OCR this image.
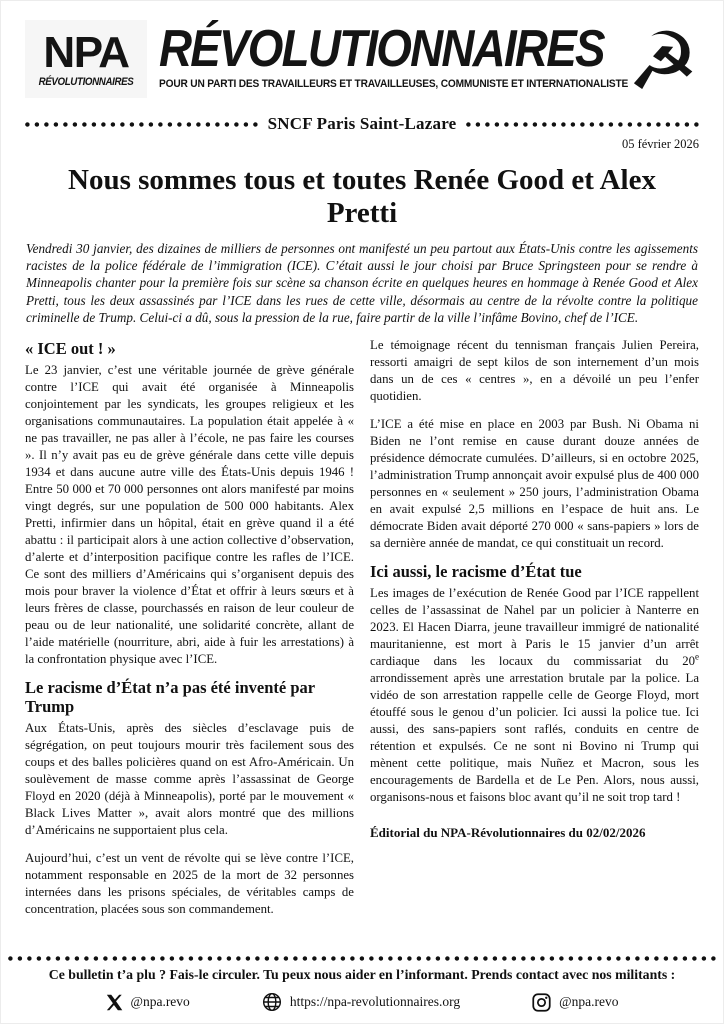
NPA
RÉVOLUTIONNAIRES
RÉVOLUTIONNAIRES
POUR UN PARTI DES TRAVAILLEURS ET TRAVAILLEUSES, COMMUNISTE ET INTERNATIONALISTE ☭
SNCF Paris Saint-Lazare
05 février 2026
Nous sommes tous et toutes Renée Good et Alex Pretti

Vendredi 30 janvier, des dizaines de milliers de personnes ont manifesté un peu partout aux États-Unis contre les agissements racistes de la police fédérale de l’immigration (ICE). C’était aussi le jour choisi par Bruce Springsteen pour se rendre à Minneapolis chanter pour la première fois sur scène sa chanson écrite en quelques heures en hommage à Renée Good et Alex Pretti, tous les deux assassinés par l’ICE dans les rues de cette ville, désormais au centre de la révolte contre la politique criminelle de Trump. Celui-ci a dû, sous la pression de la rue, faire partir de la ville l’infâme Bovino, chef de l’ICE.

« ICE out ! »

Le 23 janvier, c’est une véritable journée de grève générale contre l’ICE qui avait été organisée à Minneapolis conjointement par les syndicats, les groupes religieux et les organisations communautaires. La population était appelée à « ne pas travailler, ne pas aller à l’école, ne pas faire les courses ». Il n’y avait pas eu de grève générale dans cette ville depuis 1934 et dans aucune autre ville des États-Unis depuis 1946 ! Entre 50 000 et 70 000 personnes ont alors manifesté par moins vingt degrés, sur une population de 500 000 habitants. Alex Pretti, infirmier dans un hôpital, était en grève quand il a été abattu : il participait alors à une action collective d’observation, d’alerte et d’interposition pacifique contre les rafles de l’ICE. Ce sont des milliers d’Américains qui s’organisent depuis des mois pour braver la violence d’État et offrir à leurs sœurs et à leurs frères de classe, pourchassés en raison de leur couleur de peau ou de leur nationalité, une solidarité concrète, allant de l’aide matérielle (nourriture, abri, aide à fuir les arrestations) à la confrontation physique avec l’ICE.

Le racisme d’État n’a pas été inventé par Trump

Aux États-Unis, après des siècles d’esclavage puis de ségrégation, on peut toujours mourir très facilement sous des coups et des balles policières quand on est Afro-Américain. Un soulèvement de masse comme après l’assassinat de George Floyd en 2020 (déjà à Minneapolis), porté par le mouvement « Black Lives Matter », avait alors montré que des millions d’Américains ne supportaient plus cela.

Aujourd’hui, c’est un vent de révolte qui se lève contre l’ICE, notamment responsable en 2025 de la mort de 32 personnes internées dans les prisons spéciales, de véritables camps de concentration, placées sous son commandement.

Le témoignage récent du tennisman français Julien Pereira, ressorti amaigri de sept kilos de son internement d’un mois dans un de ces « centres », en a dévoilé un peu l’enfer quotidien.

L’ICE a été mise en place en 2003 par Bush. Ni Obama ni Biden ne l’ont remise en cause durant douze années de présidence démocrate cumulées. D’ailleurs, si en octobre 2025, l’administration Trump annonçait avoir expulsé plus de 400 000 personnes en « seulement » 250 jours, l’administration Obama en avait expulsé 2,5 millions en l’espace de huit ans. Le démocrate Biden avait déporté 270 000 « sans-papiers » lors de sa dernière année de mandat, ce qui constituait un record.

Ici aussi, le racisme d’État tue

Les images de l’exécution de Renée Good par l’ICE rappellent celles de l’assassinat de Nahel par un policier à Nanterre en 2023. El Hacen Diarra, jeune travailleur immigré de nationalité mauritanienne, est mort à Paris le 15 janvier d’un arrêt cardiaque dans les locaux du commissariat du 20e arrondissement après une arrestation brutale par la police. La vidéo de son arrestation rappelle celle de George Floyd, mort étouffé sous le genou d’un policier. Ici aussi la police tue. Ici aussi, des sans-papiers sont raflés, conduits en centre de rétention et expulsés. Ce ne sont ni Bovino ni Trump qui mènent cette politique, mais Nuñez et Macron, sous les encouragements de Bardella et de Le Pen. Alors, nous aussi, organisons-nous et faisons bloc avant qu’il ne soit trop tard !

Éditorial du NPA-Révolutionnaires du 02/02/2026
Ce bulletin t’a plu ? Fais-le circuler. Tu peux nous aider en l’informant. Prends contact avec nos militants :
@npa.revo	https://npa-revolutionnaires.org	@npa.revo
